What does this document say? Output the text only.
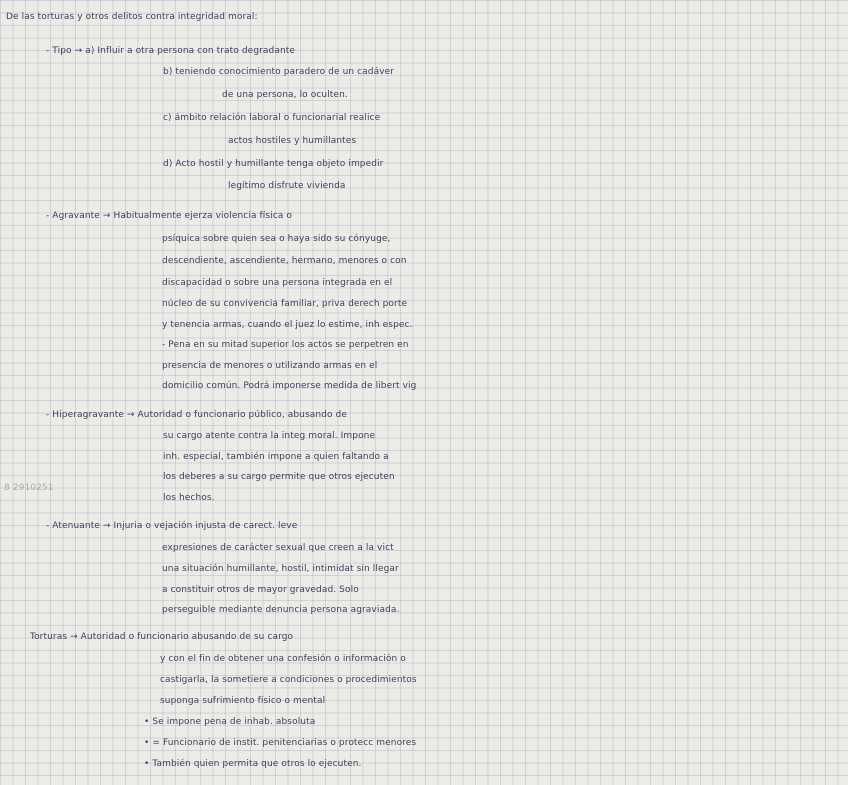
De las torturas y otros delitos contra integridad moral:

- Tipo → a) Influir a otra persona con trato degradante

b) teniendo conocimiento paradero de un cadáver

de una persona, lo oculten.

c) ámbito relación laboral o funcionarial realice

actos hostiles y humillantes

d) Acto hostil y humillante tenga objeto impedir

legítimo disfrute vivienda

- Agravante → Habitualmente ejerza violencia física o

psíquica sobre quien sea o haya sido su cónyuge,

descendiente, ascendiente, hermano, menores o con

discapacidad o sobre una persona integrada en el

núcleo de su convivencia familiar, priva derech porte

y tenencia armas, cuando el juez lo estime, inh espec.

- Pena en su mitad superior los actos se perpetren en

presencia de menores o utilizando armas en el

domicilio común. Podrá imponerse medida de libert vig

- Hiperagravante → Autoridad o funcionario público, abusando de

su cargo atente contra la integ moral. Impone

inh. especial, también impone a quien faltando a

los deberes a su cargo permite que otros ejecuten

los hechos.

8 2910251

- Atenuante → Injuria o vejación injusta de carect. leve

expresiones de carácter sexual que creen a la vict

una situación humillante, hostil, intimidat sin llegar

a constituir otros de mayor gravedad. Solo

perseguible mediante denuncia persona agraviada.

Torturas → Autoridad o funcionario abusando de su cargo

y con el fin de obtener una confesión o información o

castigarla, la sometiere a condiciones o procedimientos

suponga sufrimiento físico o mental

• Se impone pena de inhab. absoluta

• = Funcionario de instit. penitenciarias o protecc menores

• También quien permita que otros lo ejecuten.
